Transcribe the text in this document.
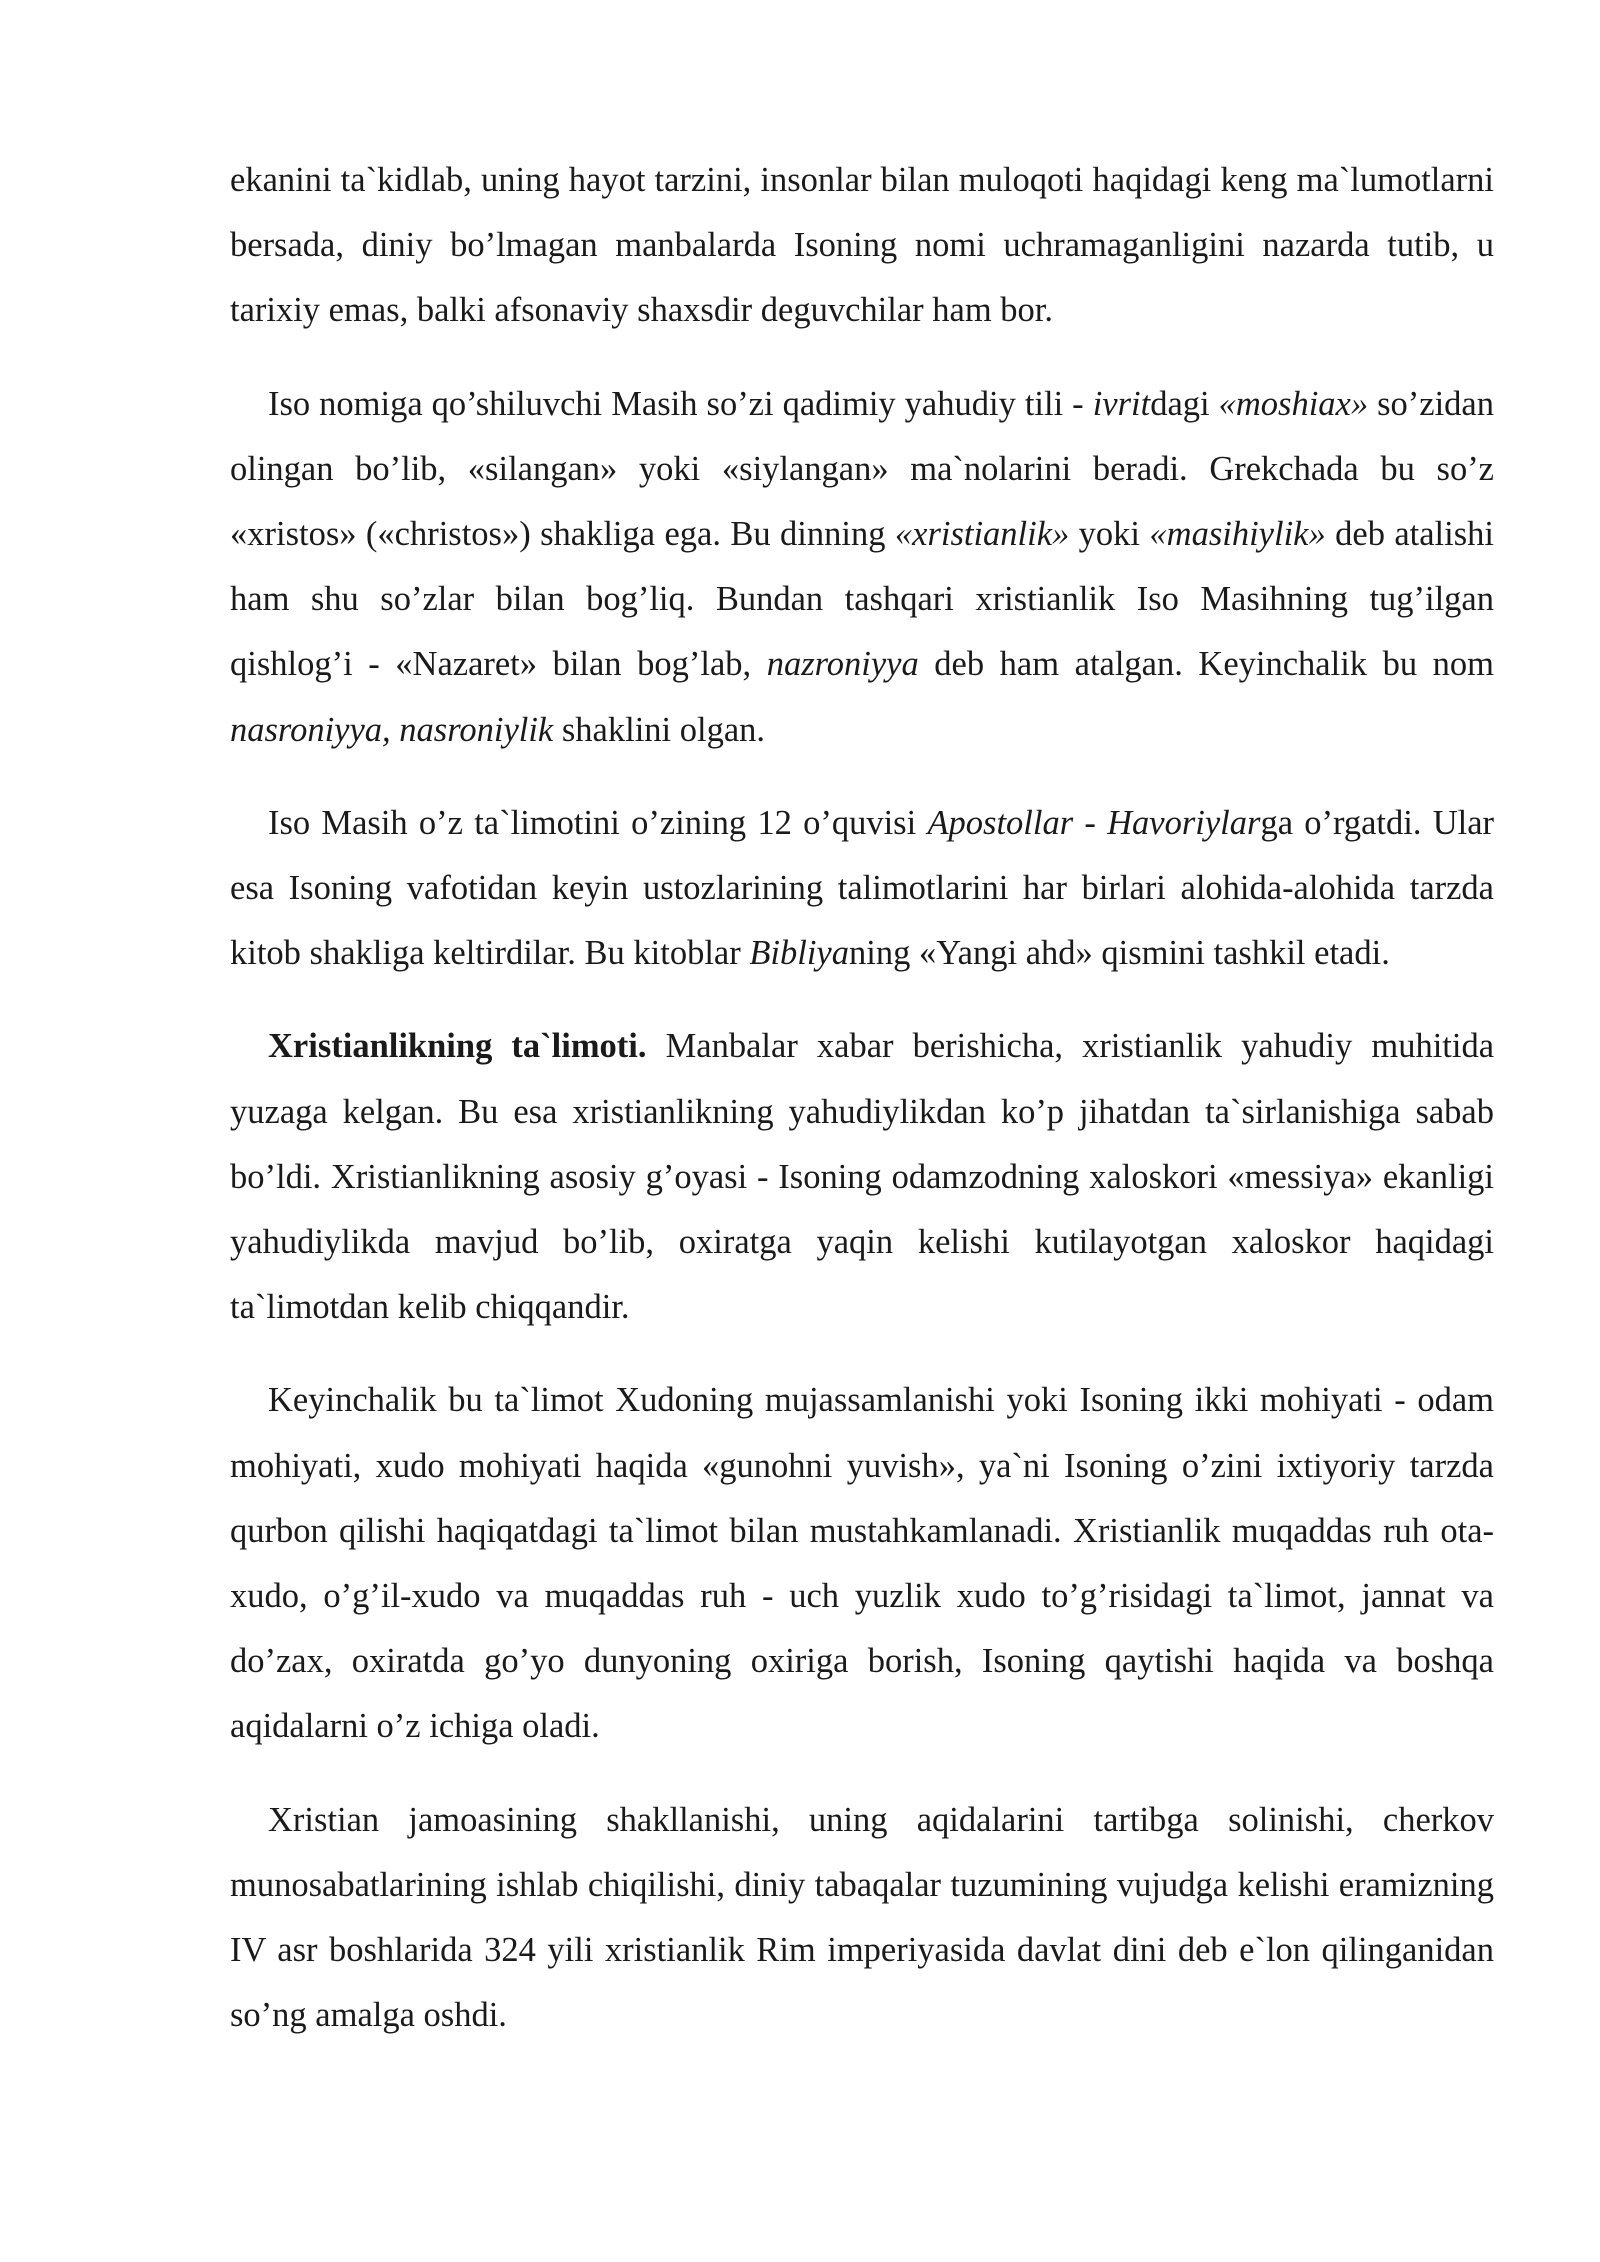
ekanini ta`kidlab, uning hayot tarzini, insonlar bilan muloqoti haqidagi keng ma`lumotlarni bersada, diniy bo’lmagan manbalarda Isoning nomi uchramaganligini nazarda tutib, u tarixiy emas, balki afsonaviy shaxsdir deguvchilar ham bor.

Iso nomiga qo’shiluvchi Masih so’zi qadimiy yahudiy tili - ivritdagi «moshiax» so’zidan olingan bo’lib, «silangan» yoki «siylangan» ma`nolarini beradi. Grekchada bu so’z «xristos» («christos») shakliga ega. Bu dinning «xristianlik» yoki «masihiylik» deb atalishi ham shu so’zlar bilan bog’liq. Bundan tashqari xristianlik Iso Masihning tug’ilgan qishlog’i - «Nazaret» bilan bog’lab, nazroniyya deb ham atalgan. Keyinchalik bu nom nasroniyya, nasroniylik shaklini olgan.

Iso Masih o’z ta`limotini o’zining 12 o’quvisi Apostollar - Havoriylarga o’rgatdi. Ular esa Isoning vafotidan keyin ustozlarining talimotlarini har birlari alohida-alohida tarzda kitob shakliga keltirdilar. Bu kitoblar Bibliyaning «Yangi ahd» qismini tashkil etadi.

Xristianlikning ta`limoti. Manbalar xabar berishicha, xristianlik yahudiy muhitida yuzaga kelgan. Bu esa xristianlikning yahudiylikdan ko’p jihatdan ta`sirlanishiga sabab bo’ldi. Xristianlikning asosiy g’oyasi - Isoning odamzodning xaloskori «messiya» ekanligi yahudiylikda mavjud bo’lib, oxiratga yaqin kelishi kutilayotgan xaloskor haqidagi ta`limotdan kelib chiqqandir.

Keyinchalik bu ta`limot Xudoning mujassamlanishi yoki Isoning ikki mohiyati - odam mohiyati, xudo mohiyati haqida «gunohni yuvish», ya`ni Isoning o’zini ixtiyoriy tarzda qurbon qilishi haqiqatdagi ta`limot bilan mustahkamlanadi. Xristianlik muqaddas ruh ota-xudo, o’g’il-xudo va muqaddas ruh - uch yuzlik xudo to’g’risidagi ta`limot, jannat va do’zax, oxiratda go’yo dunyoning oxiriga borish, Isoning qaytishi haqida va boshqa aqidalarni o’z ichiga oladi.

Xristian jamoasining shakllanishi, uning aqidalarini tartibga solinishi, cherkov munosabatlarining ishlab chiqilishi, diniy tabaqalar tuzumining vujudga kelishi eramizning IV asr boshlarida 324 yili xristianlik Rim imperiyasida davlat dini deb e`lon qilinganidan so’ng amalga oshdi.
